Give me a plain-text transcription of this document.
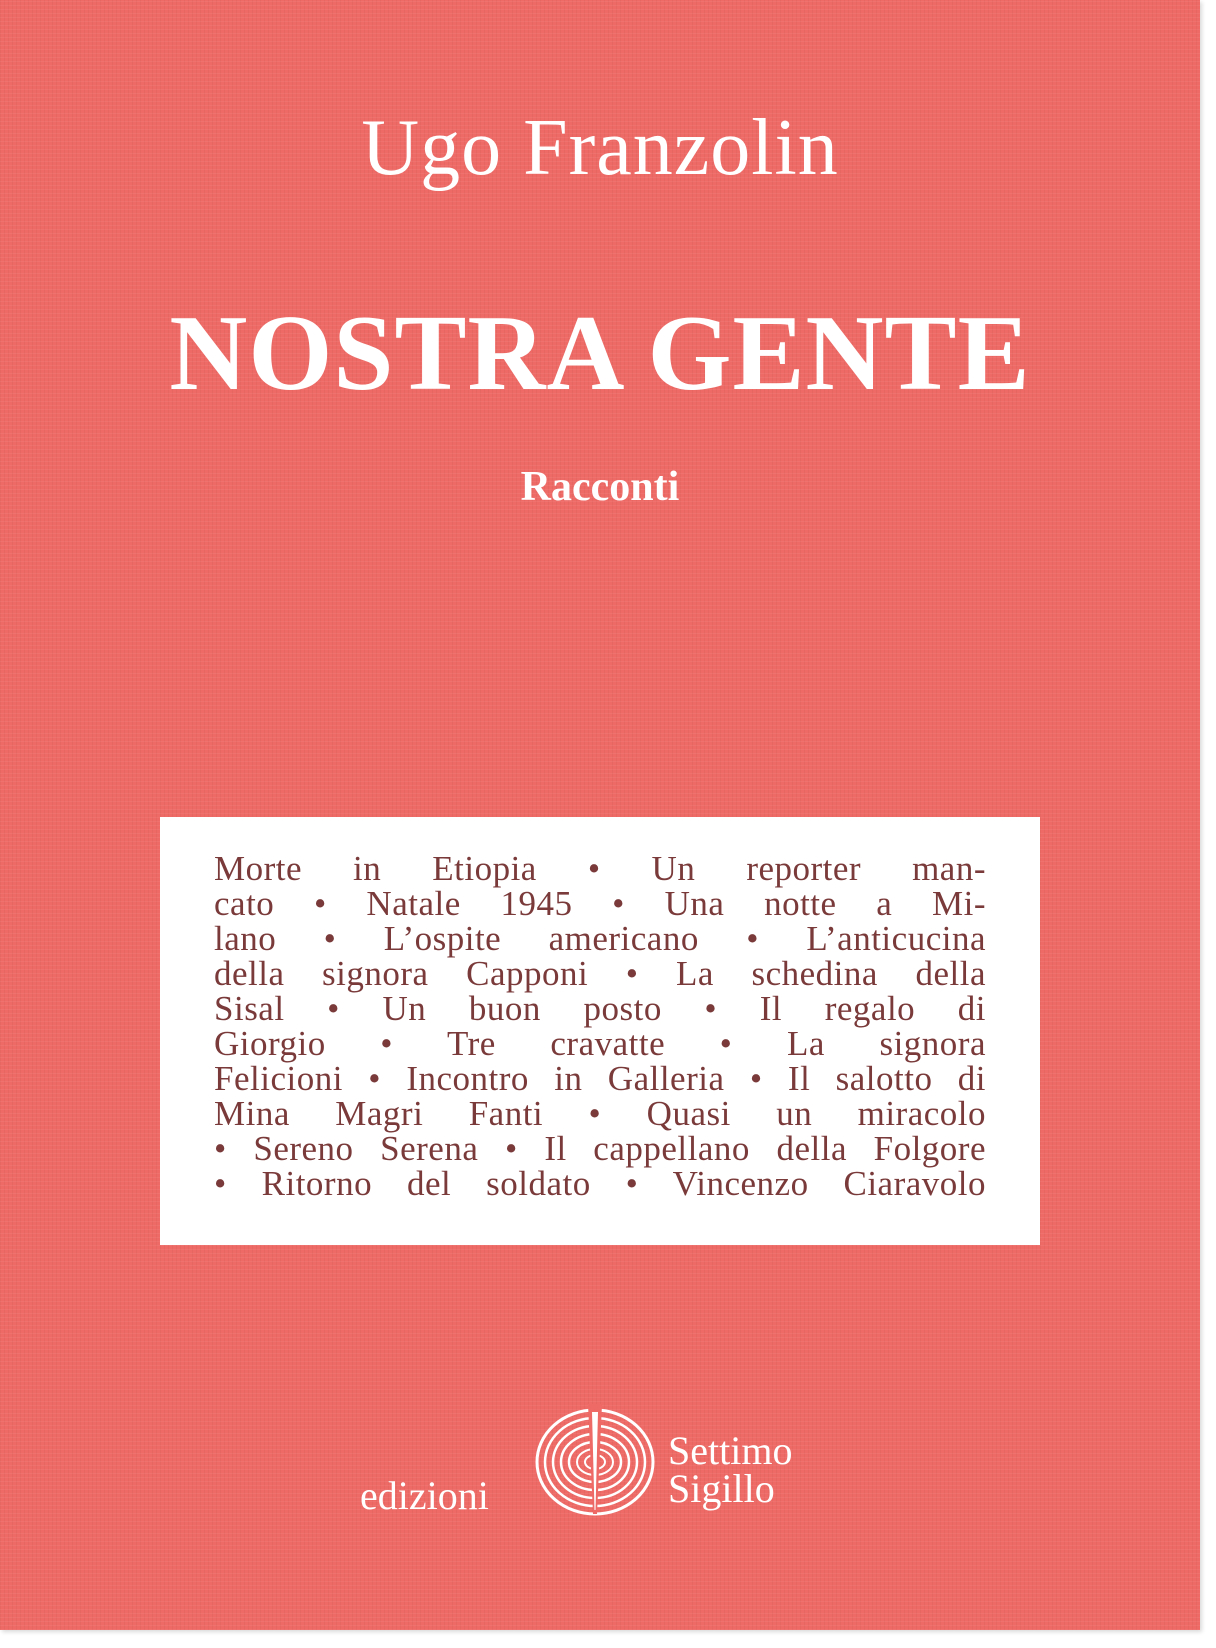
Ugo Franzolin
NOSTRA GENTE
Racconti
Morte in Etiopia • Un reporter man-
cato • Natale 1945 • Una notte a Mi-
lano • L’ospite americano • L’anticucina
della signora Capponi • La schedina della
Sisal • Un buon posto • Il regalo di
Giorgio • Tre cravatte • La signora
Felicioni • Incontro in Galleria • Il salotto di
Mina Magri Fanti • Quasi un miracolo
• Sereno Serena • Il cappellano della Folgore
• Ritorno del soldato • Vincenzo Ciaravolo
edizioni
Settimo
Sigillo
